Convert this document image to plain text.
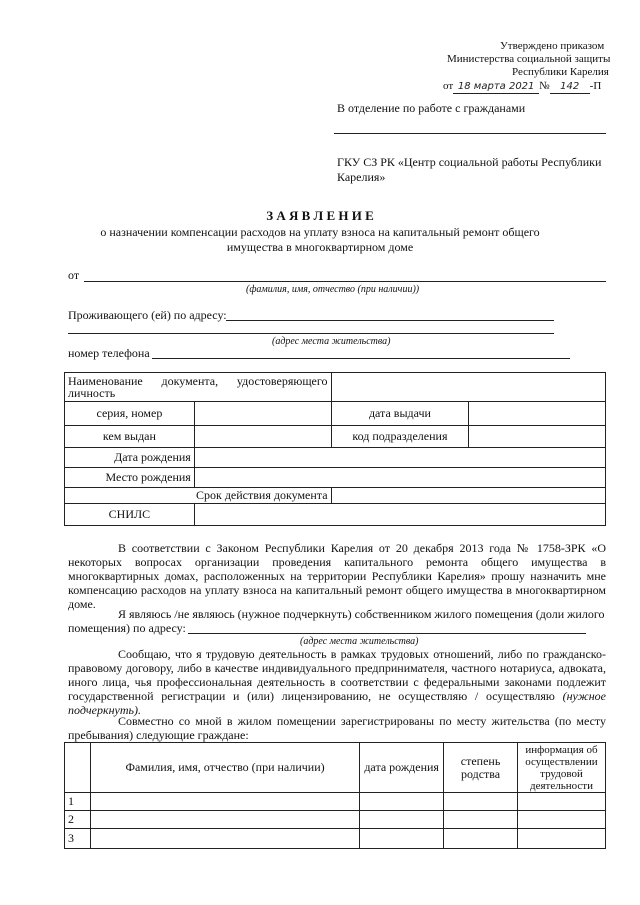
Утверждено приказом
Министерства социальной защиты
Республики Карелия
от 18 марта 2021 № 142 -П
В отделение по работе с гражданами
ГКУ СЗ РК «Центр социальной работы Республики
Карелия»
З А Я В Л Е Н И Е
о назначении компенсации расходов на уплату взноса на капитальный ремонт общего
имущества в многоквартирном доме
от
(фамилия, имя, отчество (при наличии))
Проживающего (ей) по адресу:
(адрес места жительства)
номер телефона
Наименование документа, удостоверяющего личность			
серия, номер		дата выдачи	
кем выдан		код подразделения	
Дата рождения			
Место рождения			
Срок действия документа			
СНИЛС			
В соответствии с Законом Республики Карелия от 20 декабря 2013 года № 1758-ЗРК «О некоторых вопросах организации проведения капитального ремонта общего имущества в многоквартирных домах, расположенных на территории Республики Карелия» прошу назначить мне компенсацию расходов на уплату взноса на капитальный ремонт общего имущества в многоквартирном доме.
Я являюсь /не являюсь (нужное подчеркнуть) собственником жилого помещения (доли жилого
помещения) по адресу:
(адрес места жительства)
Сообщаю, что я трудовую деятельность в рамках трудовых отношений, либо по гражданско-правовому договору, либо в качестве индивидуального предпринимателя, частного нотариуса, адвоката, иного лица, чья профессиональная деятельность в соответствии с федеральными законами подлежит государственной регистрации и (или) лицензированию, не осуществляю / осуществляю (нужное подчеркнуть).
Совместно со мной в жилом помещении зарегистрированы по месту жительства (по месту пребывания) следующие граждане:
	Фамилия, имя, отчество (при наличии)	дата рождения	степень родства	информация об осуществлении трудовой деятельности
1				
2				
3				
